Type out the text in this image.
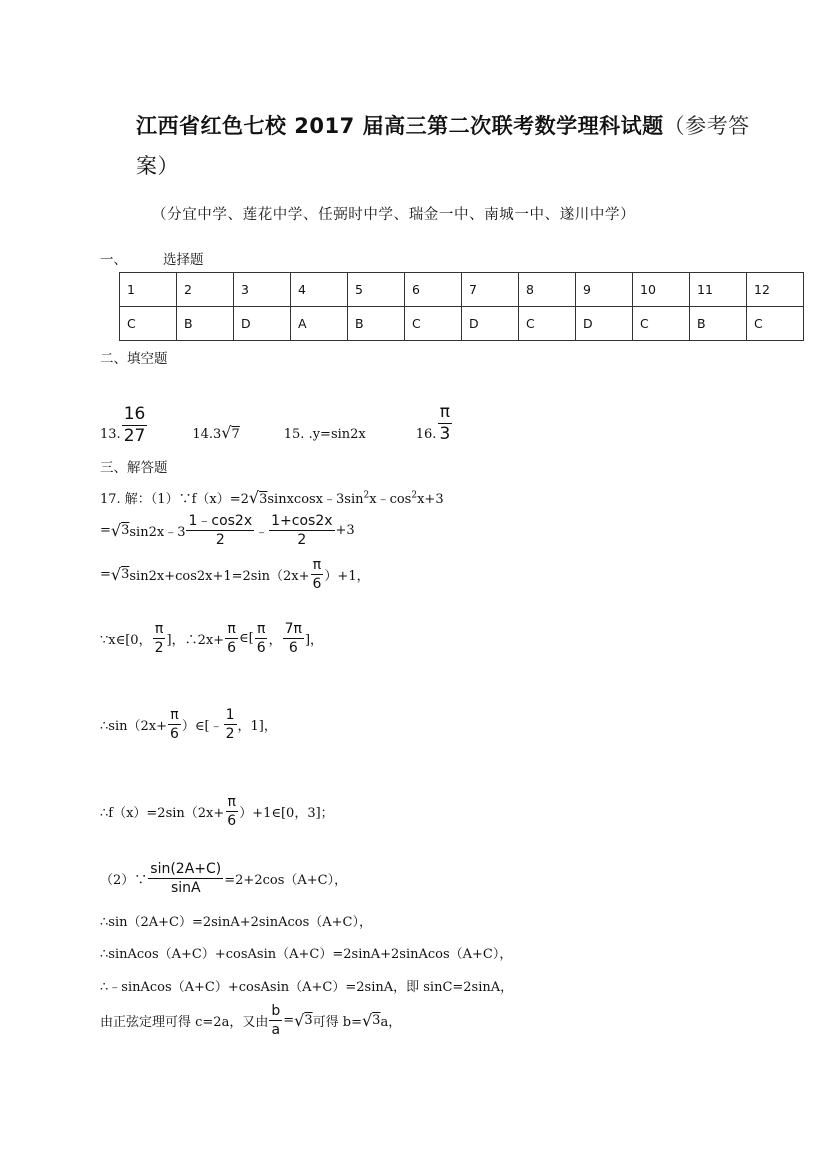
江西省红色七校 2017 届高三第二次联考数学理科试题（参考答
案）
（分宜中学、莲花中学、任弼时中学、瑞金一中、南城一中、遂川中学）
一、	选择题
1	2	3	4	5	6	7	8	9	10	11	12
C	B	D	A	B	C	D	C	D	C	B	C
二、填空题
13. $\frac{16}{27}$	14.3√7	15. .y=sin2x	16. $\frac{\pi}{3}$
三、解答题
17. 解：$(1)\because f(x)=2√3sinxcosx﹣3\sin^2x﹣\cos^2x+3$
= √ 3 sin2x﹣3 $\frac{1﹣\cos 2x}{2}$ ﹣ $\frac{1+\cos 2x}{2} +3$
= √ 3 $\sin 2x+\cos 2x+1=2\sin(2x+ \frac{\pi}{6} )+1$，
∵x∈[0， $\frac{\pi}{2}$ ]，∴2x+ $\frac{\pi}{6}$ ∈[ $\frac{\pi}{6}$ ， $\frac{7\pi}{6}$ ]，
∴sin（2x+ $\frac{\pi}{6}$ ）∈[﹣ $\frac{1}{2}$ ，1]，
∴f（x）=2sin（2x+ $\frac{\pi}{6}$ ）+1∈[0，3]；
（2）∵ $\frac{\sin(2A+C)}{\sin A} =2+2\cos(A+C)$，
∴sin（2A+C）=2sinA+2sinAcos（A+C），
∴sinAcos（A+C）+cosAsin（A+C）=2sinA+2sinAcos（A+C），
∴﹣sinAcos（A+C）+cosAsin（A+C）=2sinA，即 sinC=2sinA，
由正弦定理可得 c=2a，又由 $\frac{b}{a}$ = √ 3 可得 b= √ 3 a，
